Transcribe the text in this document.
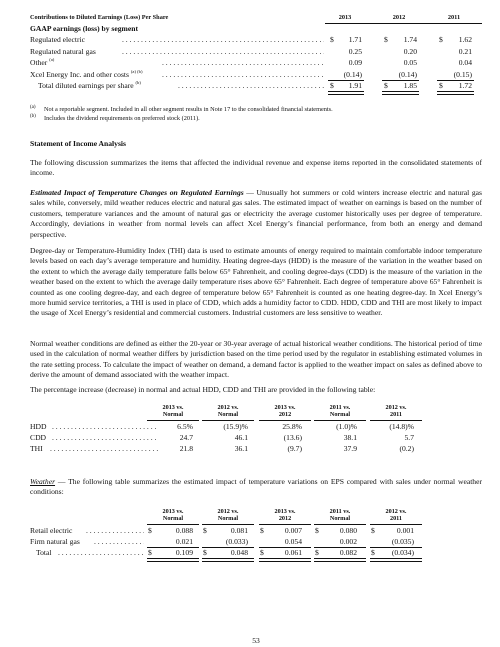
Contributions to Diluted Earnings (Loss) Per Share	2013	2012	2011
GAAP earnings (loss) by segment
Regulated electric . . .	$	1.71	$	1.74	$	1.62
Regulated natural gas . . .	0.25	0.20	0.21
Other $^{(a)}$ . . .	0.09	0.05	0.04
Xcel Energy Inc. and other costs $^{(a) (b)}$ . . .	(0.14)	(0.14)	(0.15)
Total diluted earnings per share $^{(b)}$ . . .	$	1.91	$	1.85	$	1.72
(a) Not a reportable segment. Included in all other segment results in Note 17 to the consolidated financial statements.
(b) Includes the dividend requirements on preferred stock (2011).
Statement of Income Analysis

The following discussion summarizes the items that affected the individual revenue and expense items reported in the consolidated statements of income.

Estimated Impact of Temperature Changes on Regulated Earnings — Unusually hot summers or cold winters increase electric and natural gas sales while, conversely, mild weather reduces electric and natural gas sales. The estimated impact of weather on earnings is based on the number of customers, temperature variances and the amount of natural gas or electricity the average customer historically uses per degree of temperature. Accordingly, deviations in weather from normal levels can affect Xcel Energy’s financial performance, from both an energy and demand perspective.

Degree-day or Temperature-Humidity Index (THI) data is used to estimate amounts of energy required to maintain comfortable indoor temperature levels based on each day’s average temperature and humidity. Heating degree-days (HDD) is the measure of the variation in the weather based on the extent to which the average daily temperature falls below 65° Fahrenheit, and cooling degree-days (CDD) is the measure of the variation in the weather based on the extent to which the average daily temperature rises above 65° Fahrenheit. Each degree of temperature above 65° Fahrenheit is counted as one cooling degree-day, and each degree of temperature below 65° Fahrenheit is counted as one heating degree-day. In Xcel Energy’s more humid service territories, a THI is used in place of CDD, which adds a humidity factor to CDD. HDD, CDD and THI are most likely to impact the usage of Xcel Energy’s residential and commercial customers. Industrial customers are less sensitive to weather.

Normal weather conditions are defined as either the 20-year or 30-year average of actual historical weather conditions. The historical period of time used in the calculation of normal weather differs by jurisdiction based on the time period used by the regulator in establishing estimated volumes in the rate setting process. To calculate the impact of weather on demand, a demand factor is applied to the weather impact on sales as defined above to derive the amount of demand associated with the weather impact.

The percentage increase (decrease) in normal and actual HDD, CDD and THI are provided in the following table:

2013 vs.
Normal
2012 vs.
Normal
2013 vs.
2012
2011 vs.
Normal
2012 vs.
2011
HDD . . .	6.5%	(15.9)%	25.8%	(1.0)%	(14.8)%
CDD . . .	24.7	46.1	(13.6)	38.1	5.7
THI . . .	21.8	36.1	(9.7)	37.9	(0.2)

Weather — The following table summarizes the estimated impact of temperature variations on EPS compared with sales under normal weather conditions:

2013 vs.
Normal
2012 vs.
Normal
2013 vs.
2012
2011 vs.
Normal
2012 vs.
2011
Retail electric . . .	$	0.088 $	0.081 $	0.007 $	0.080 $	0.001
Firm natural gas . . .	0.021	(0.033)	0.054	0.002	(0.035)
Total . . .	$	0.109 $	0.048 $	0.061 $	0.082 $	(0.034)
53
